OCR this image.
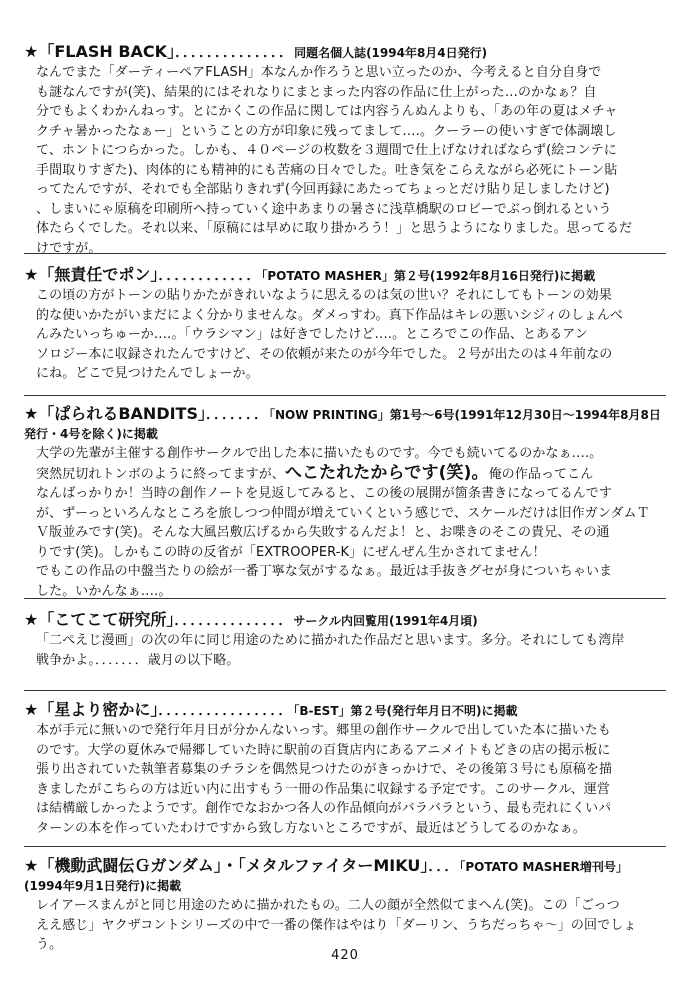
★「FLASH BACK」．．．．．．．．．．．．．．同題名個人誌(1994年8月4日発行)

なんでまた「ダーティーペアFLASH」本なんか作ろうと思い立ったのか、今考えると自分自身で

も謎なんですが(笑)、結果的にはそれなりにまとまった内容の作品に仕上がった…のかなぁ？自

分でもよくわかんねっす。とにかくこの作品に関しては内容うんぬんよりも、「あの年の夏はメチャ

クチャ暑かったなぁー」ということの方が印象に残ってまして‥‥。クーラーの使いすぎで体調壊し

て、ホントにつらかった。しかも、４０ページの枚数を３週間で仕上げなければならず(絵コンテに

手間取りすぎた)、肉体的にも精神的にも苦痛の日々でした。吐き気をこらえながら必死にトーン貼

ってたんですが、それでも全部貼りきれず(今回再録にあたってちょっとだけ貼り足しましたけど)

、しまいにゃ原稿を印刷所へ持っていく途中あまりの暑さに浅草橋駅のロビーでぶっ倒れるという

体たらくでした。それ以来、「原稿には早めに取り掛かろう！」と思うようになりました。思ってるだ

けですが。

★「無責任でポン」．．．．．．．．．．．．「POTATO MASHER」第２号(1992年8月16日発行)に掲載

この頃の方がトーンの貼りかたがきれいなように思えるのは気の世い？それにしてもトーンの効果

的な使いかたがいまだによく分かりませんな。ダメっすわ。真下作品はキレの悪いシジィのしょんべ

んみたいっちゅーか‥‥。「ウラシマン」は好きでしたけど‥‥。ところでこの作品、とあるアン

ソロジー本に収録されたんですけど、その依頼が来たのが今年でした。２号が出たのは４年前なの

にね。どこで見つけたんでしょーか。

★「ぱられるBANDITS」．．．．．．．「NOW PRINTING」第1号～6号(1991年12月30日～1994年8月8日発行・4号を除く)に掲載

大学の先輩が主催する創作サークルで出した本に描いたものです。今でも続いてるのかなぁ‥‥。

突然尻切れトンボのように終ってますが、へこたれたからです(笑)。俺の作品ってこん

なんばっかりか！当時の創作ノートを見返してみると、この後の展開が箇条書きになってるんです

が、ずーっといろんなところを旅しつつ仲間が増えていくという感じで、スケールだけは旧作ガンダムＴ

Ｖ版並みです(笑)。そんな大風呂敷広げるから失敗するんだよ！と、お喋きのそこの貴兄、その通

りです(笑)。しかもこの時の反省が「EXTROOPER-K」にぜんぜん生かされてません！

でもこの作品の中盤当たりの絵が一番丁寧な気がするなぁ。最近は手抜きグセが身についちゃいま

した。いかんなぁ‥‥。

★「こてこて研究所」．．．．．．．．．．．．．．サークル内回覧用(1991年4月頃)

「二ぺえじ漫画」の次の年に同じ用途のために描かれた作品だと思います。多分。それにしても湾岸

戦争かよ。．．．．．．．歳月の以下略。

★「星より密かに」．．．．．．．．．．．．．．．．「B-EST」第２号(発行年月日不明)に掲載

本が手元に無いので発行年月日が分かんないっす。郷里の創作サークルで出していた本に描いたも

のです。大学の夏休みで帰郷していた時に駅前の百貨店内にあるアニメイトもどきの店の掲示板に

張り出されていた執筆者募集のチラシを偶然見つけたのがきっかけで、その後第３号にも原稿を描

きましたがこちらの方は近い内に出すもう一冊の作品集に収録する予定です。このサークル、運営

は結構厳しかったようです。創作でなおかつ各人の作品傾向がバラバラという、最も売れにくいパ

ターンの本を作っていたわけですから致し方ないところですが、最近はどうしてるのかなぁ。

★「機動武闘伝Ｇガンダム」・「メタルファイターMIKU」．．．「POTATO MASHER増刊号」(1994年9月1日発行)に掲載

レイアースまんがと同じ用途のために描かれたもの。二人の顔が全然似てまへん(笑)。この「ごっつ

ええ感じ」ヤクザコントシリーズの中で一番の傑作はやはり「ダーリン、うちだっちゃ～」の回でしょ

う。

420
